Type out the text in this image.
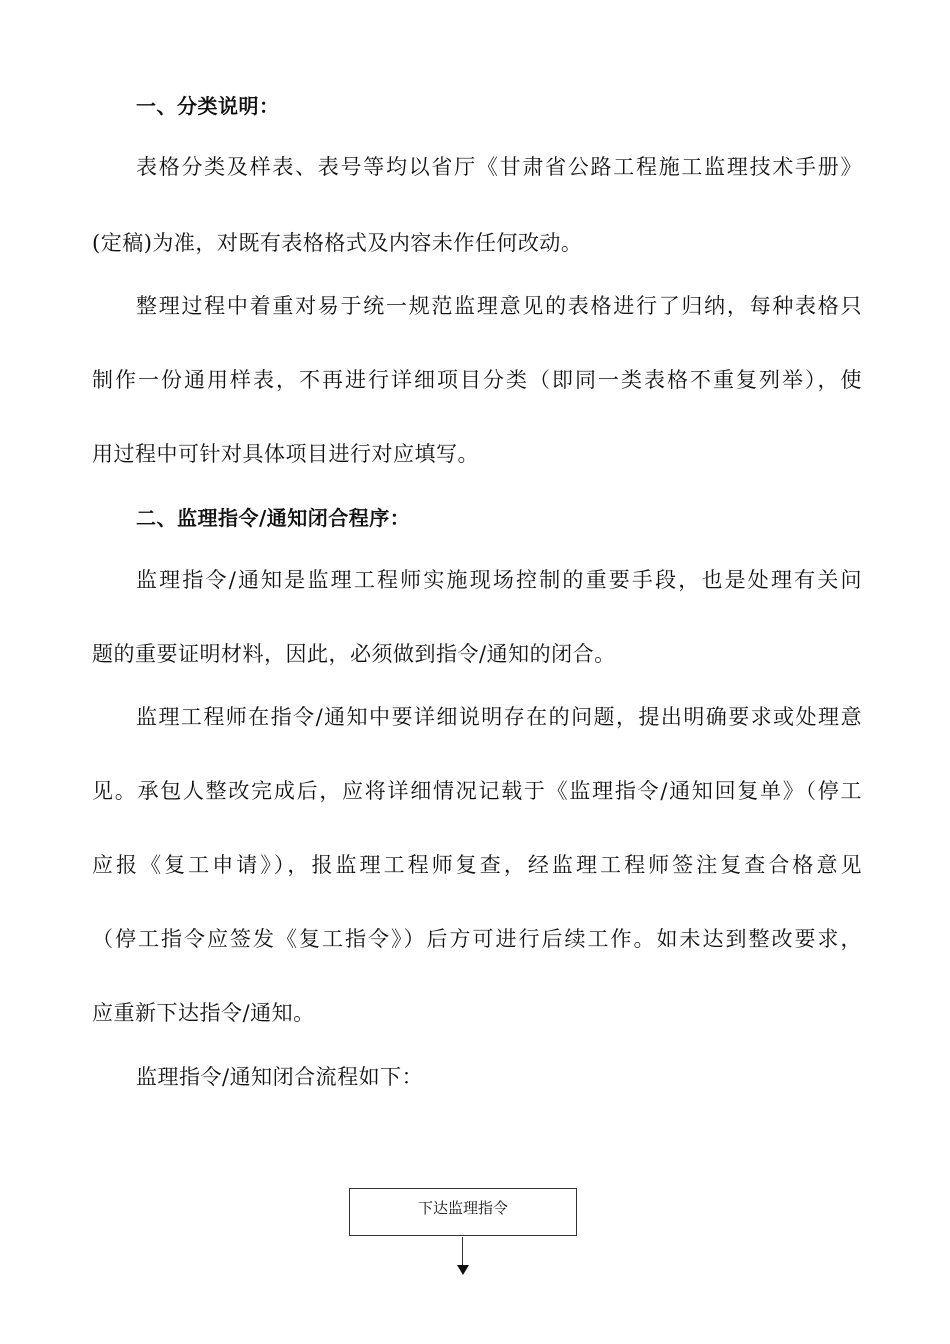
一、分类说明：
表格分类及样表、表号等均以省厅《甘肃省公路工程施工监理技术手册》
(定稿)为准，对既有表格格式及内容未作任何改动。
整理过程中着重对易于统一规范监理意见的表格进行了归纳，每种表格只
制作一份通用样表，不再进行详细项目分类（即同一类表格不重复列举），使
用过程中可针对具体项目进行对应填写。
二、监理指令/通知闭合程序：
监理指令/通知是监理工程师实施现场控制的重要手段，也是处理有关问
题的重要证明材料，因此，必须做到指令/通知的闭合。
监理工程师在指令/通知中要详细说明存在的问题，提出明确要求或处理意
见。承包人整改完成后，应将详细情况记载于《监理指令/通知回复单》（停工
应报《复工申请》），报监理工程师复查，经监理工程师签注复查合格意见
（停工指令应签发《复工指令》）后方可进行后续工作。如未达到整改要求，
应重新下达指令/通知。
监理指令/通知闭合流程如下：
下达监理指令
